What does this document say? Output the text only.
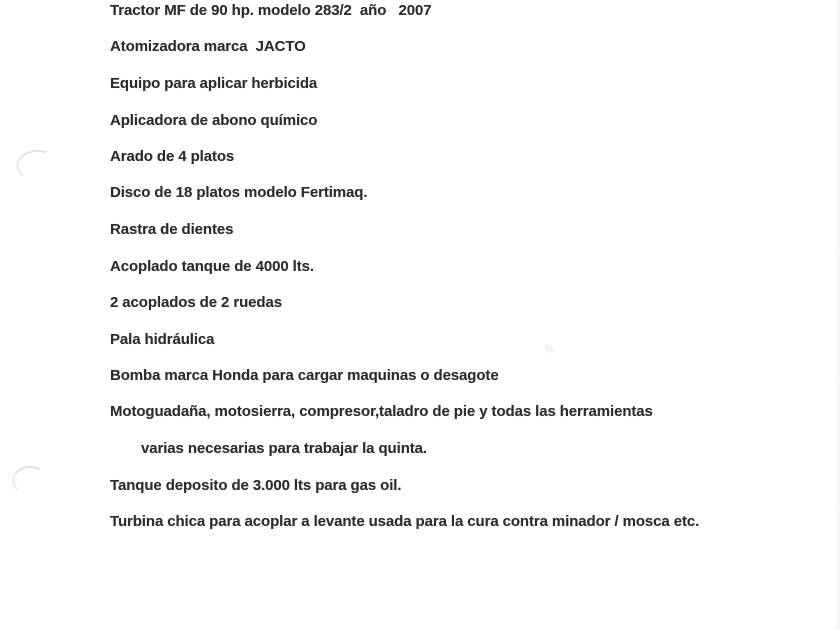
Tractor MF de 90 hp. modelo 283/2  año   2007
Atomizadora marca  JACTO
Equipo para aplicar herbicida
Aplicadora de abono químico
Arado de 4 platos
Disco de 18 platos modelo Fertimaq.
Rastra de dientes
Acoplado tanque de 4000 lts.
2 acoplados de 2 ruedas
Pala hidráulica
Bomba marca Honda para cargar maquinas o desagote
Motoguadaña, motosierra, compresor,taladro de pie y todas las herramientas
varias necesarias para trabajar la quinta.
Tanque deposito de 3.000 lts para gas oil.
Turbina chica para acoplar a levante usada para la cura contra minador / mosca etc.
